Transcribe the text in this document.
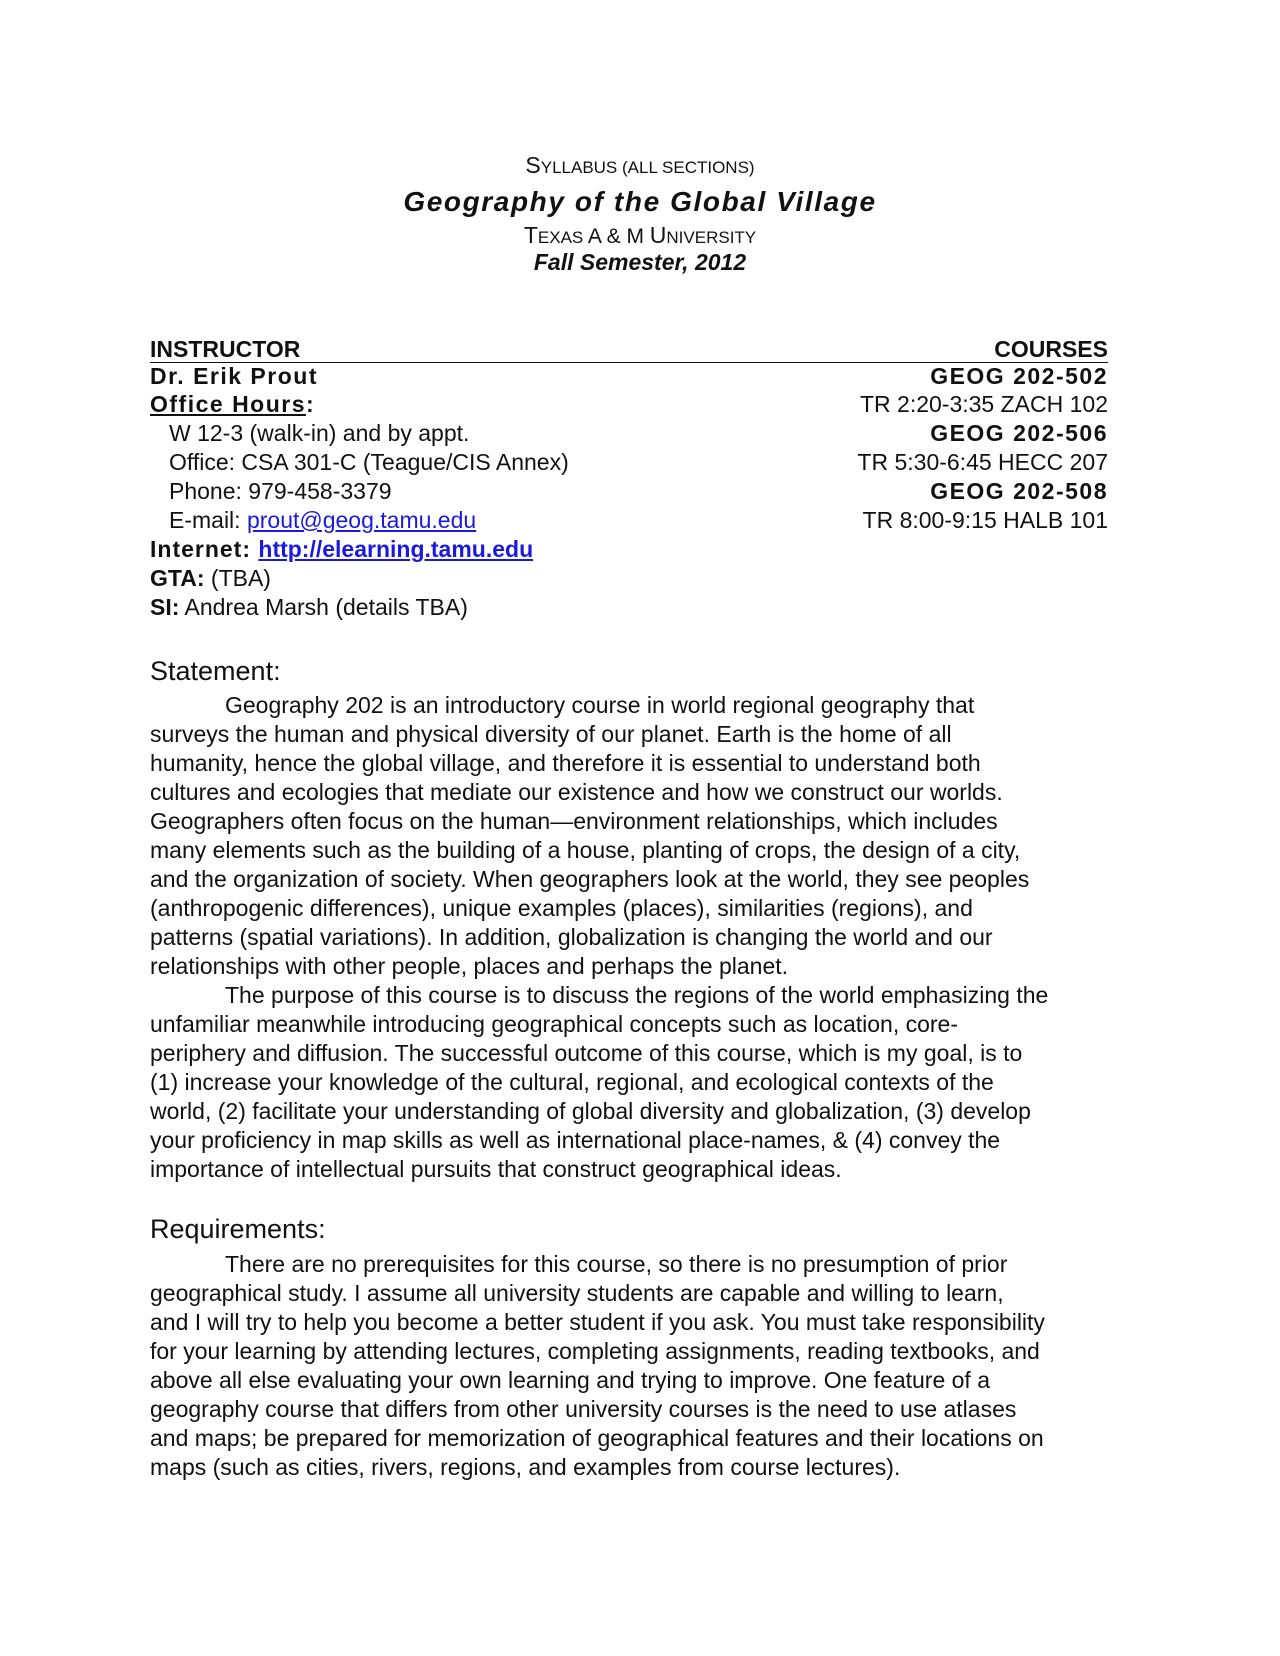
SYLLABUS (ALL SECTIONS)
Geography of the Global Village
TEXAS A & M UNIVERSITY
Fall Semester, 2012
INSTRUCTOR	COURSES
Dr. Erik Prout
Office Hours:
W 12-3 (walk-in) and by appt.
Office: CSA 301-C (Teague/CIS Annex)
Phone: 979-458-3379
E-mail: prout@geog.tamu.edu
Internet: http://elearning.tamu.edu
GTA: (TBA)
SI: Andrea Marsh (details TBA)
GEOG 202-502
TR 2:20-3:35 ZACH 102
GEOG 202-506
TR 5:30-6:45 HECC 207
GEOG 202-508
TR 8:00-9:15 HALB 101
Statement:
Geography 202 is an introductory course in world regional geography that
surveys the human and physical diversity of our planet. Earth is the home of all
humanity, hence the global village, and therefore it is essential to understand both
cultures and ecologies that mediate our existence and how we construct our worlds.
Geographers often focus on the human—environment relationships, which includes
many elements such as the building of a house, planting of crops, the design of a city,
and the organization of society. When geographers look at the world, they see peoples
(anthropogenic differences), unique examples (places), similarities (regions), and
patterns (spatial variations). In addition, globalization is changing the world and our
relationships with other people, places and perhaps the planet.
The purpose of this course is to discuss the regions of the world emphasizing the
unfamiliar meanwhile introducing geographical concepts such as location, core-
periphery and diffusion. The successful outcome of this course, which is my goal, is to
(1) increase your knowledge of the cultural, regional, and ecological contexts of the
world, (2) facilitate your understanding of global diversity and globalization, (3) develop
your proficiency in map skills as well as international place-names, & (4) convey the
importance of intellectual pursuits that construct geographical ideas.
Requirements:
There are no prerequisites for this course, so there is no presumption of prior
geographical study. I assume all university students are capable and willing to learn,
and I will try to help you become a better student if you ask. You must take responsibility
for your learning by attending lectures, completing assignments, reading textbooks, and
above all else evaluating your own learning and trying to improve. One feature of a
geography course that differs from other university courses is the need to use atlases
and maps; be prepared for memorization of geographical features and their locations on
maps (such as cities, rivers, regions, and examples from course lectures).
